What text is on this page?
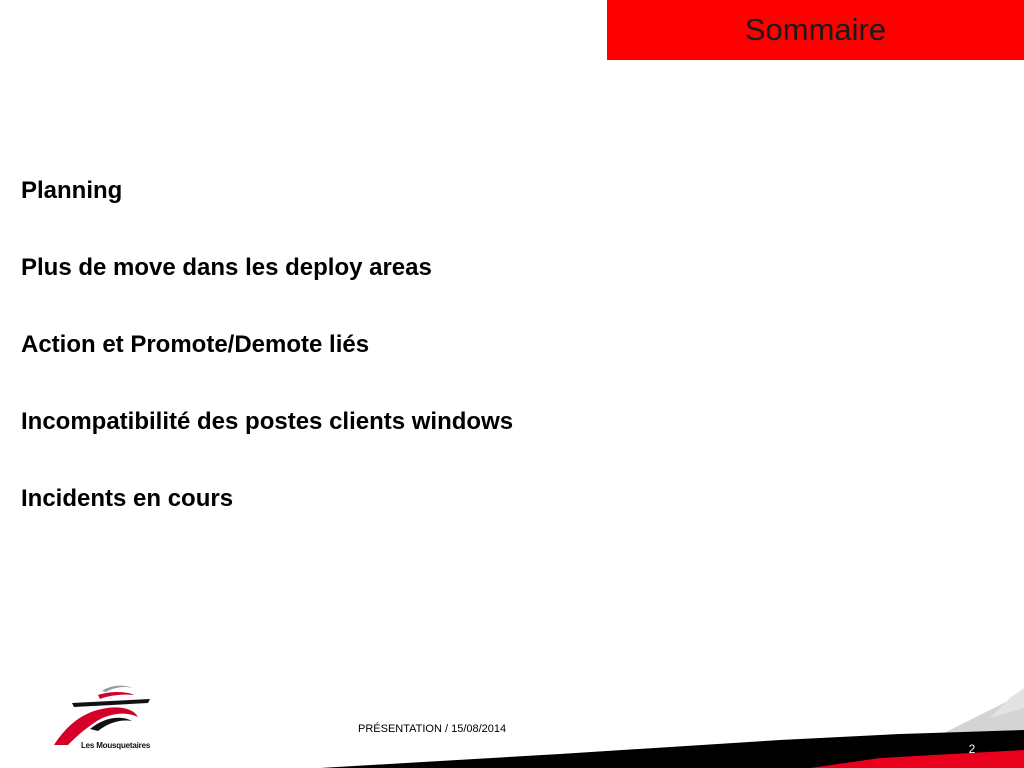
Sommaire
Planning
Plus de move dans les deploy areas
Action et Promote/Demote liés
Incompatibilité des postes clients windows
Incidents en cours
PRÉSENTATION / 15/08/2014
2
Les Mousquetaires
